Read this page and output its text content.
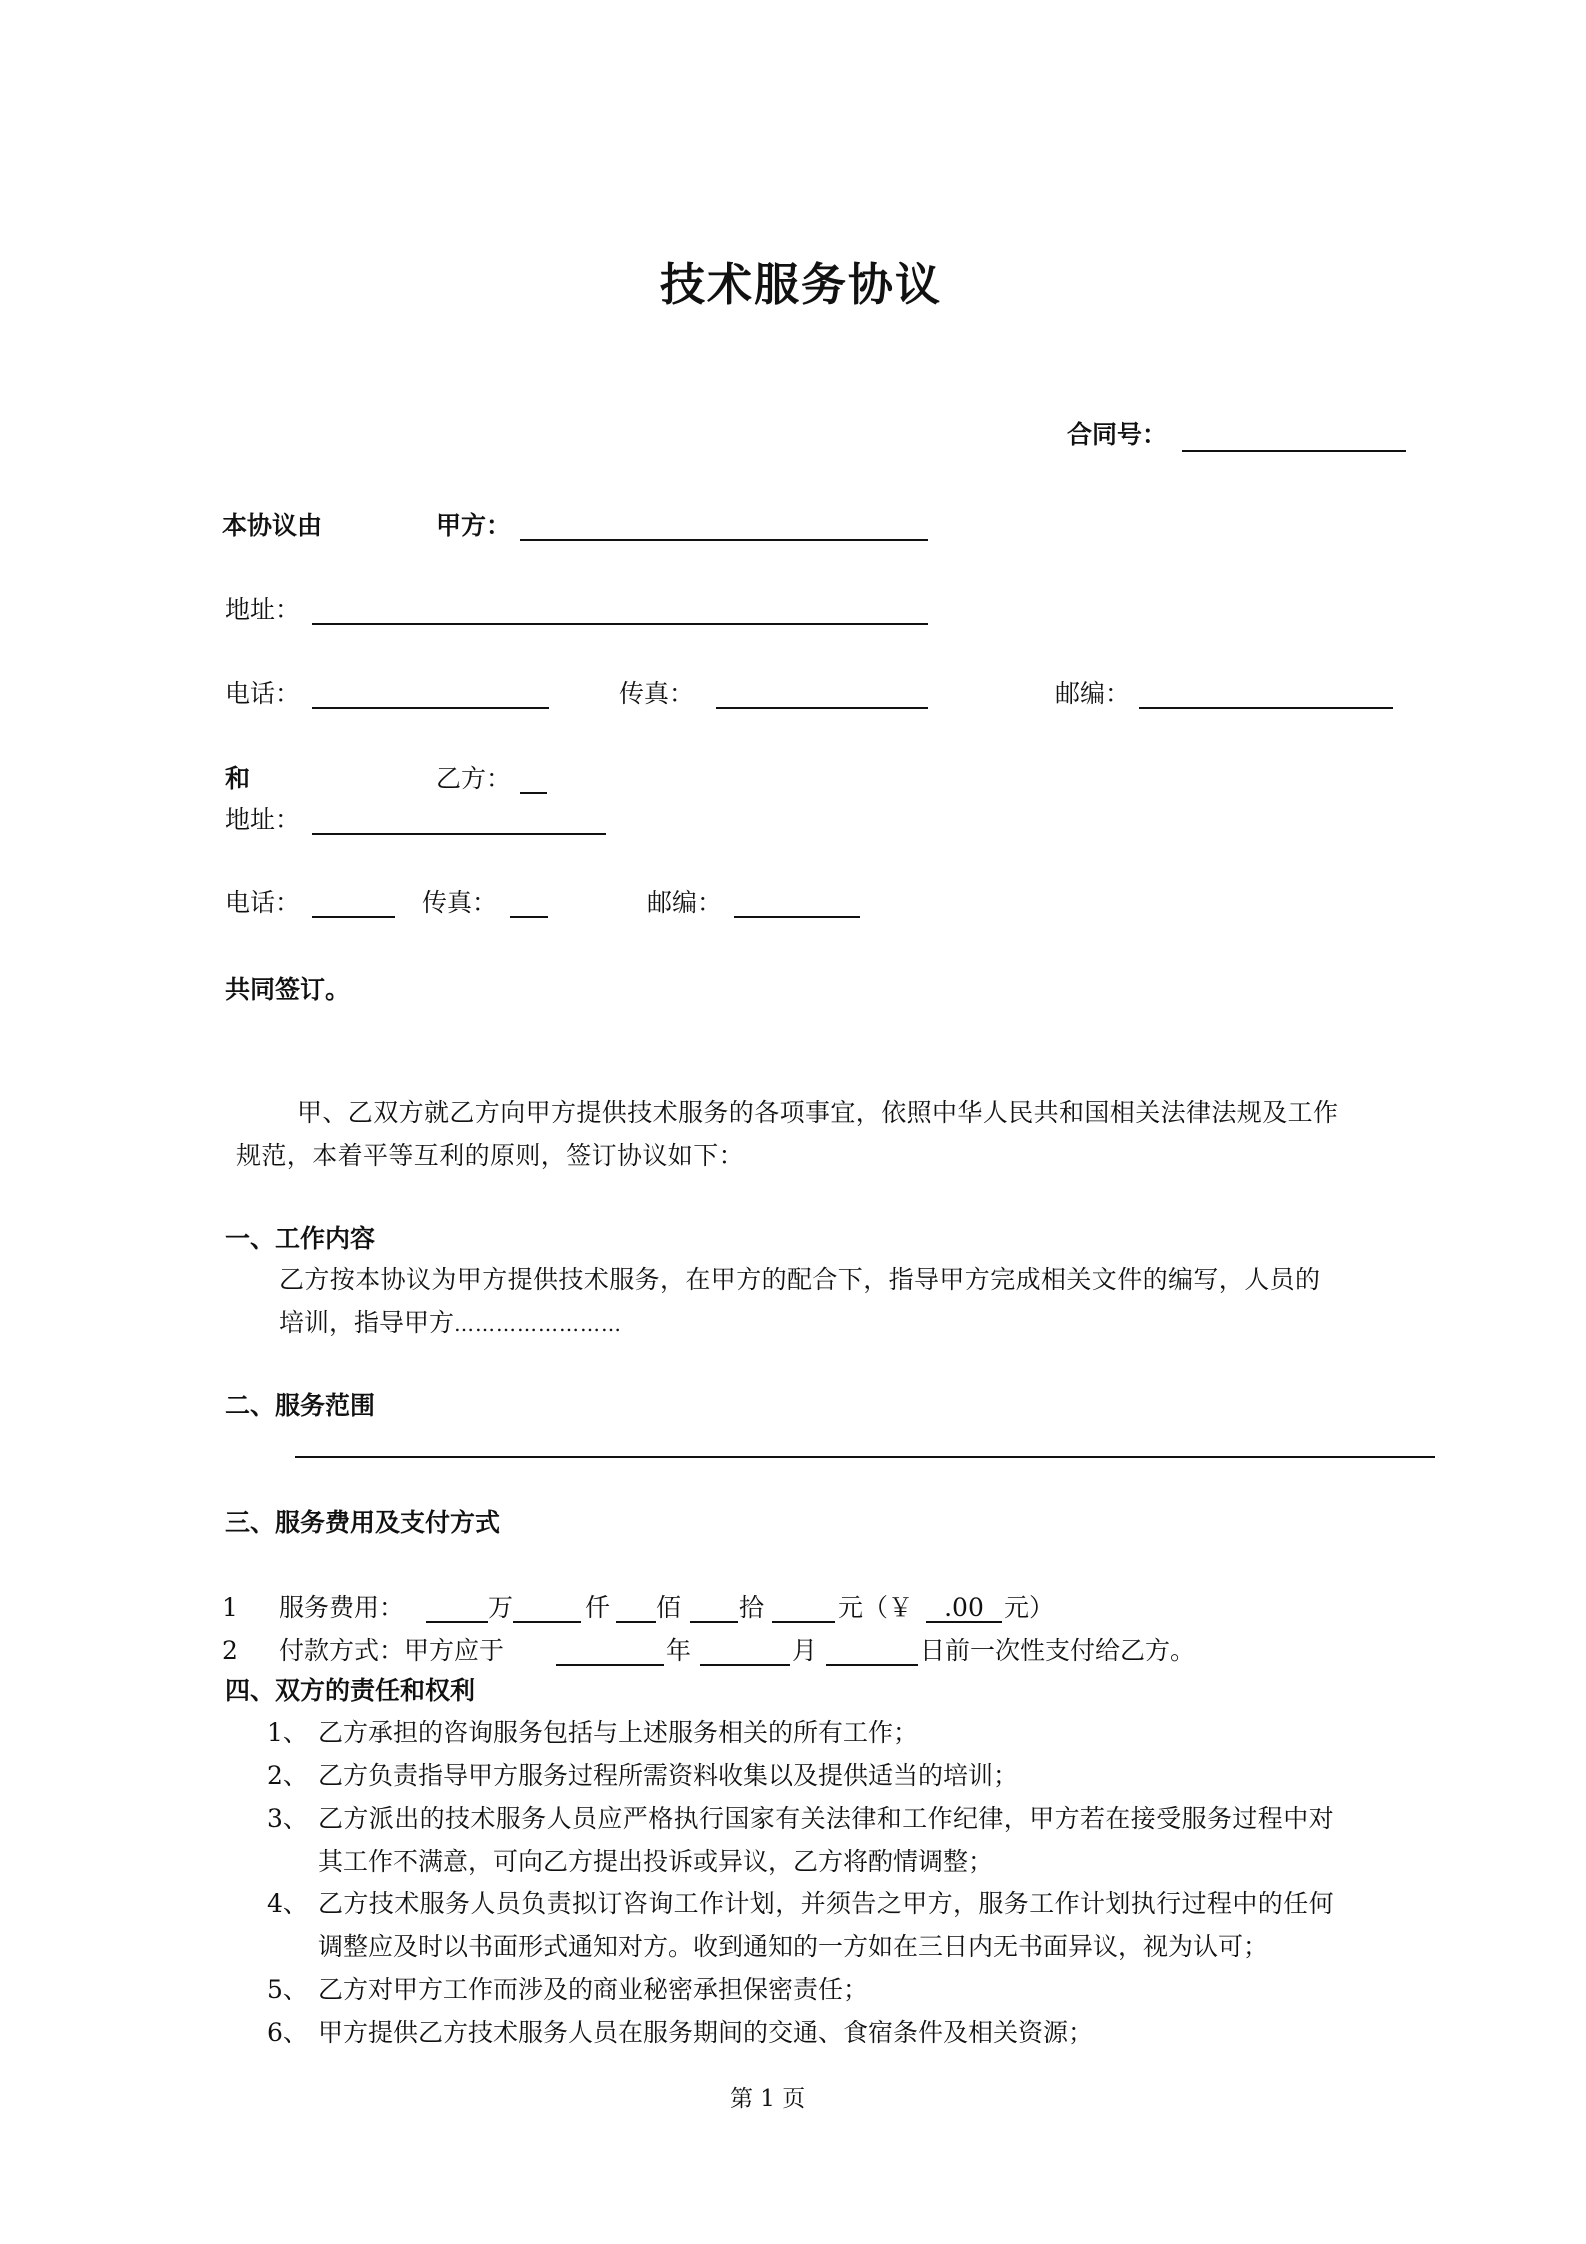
技术服务协议
合同号：
本协议由	甲方：
地址：
电话：	传真：	邮编：
和	乙方：
地址：
电话：	传真：	邮编：
共同签订。
甲、乙双方就乙方向甲方提供技术服务的各项事宜，依照中华人民共和国相关法律法规及工作
规范，本着平等互利的原则，签订协议如下：
一、工作内容
乙方按本协议为甲方提供技术服务，在甲方的配合下，指导甲方完成相关文件的编写，人员的
培训，指导甲方……………………
二、服务范围
三、服务费用及支付方式
1 服务费用：	万	仟 佰 拾	元（￥	.00 元）
2 付款方式：甲方应于	年	月	日前一次性支付给乙方。
四、双方的责任和权利
1、 乙方承担的咨询服务包括与上述服务相关的所有工作；
2、 乙方负责指导甲方服务过程所需资料收集以及提供适当的培训；
3、 乙方派出的技术服务人员应严格执行国家有关法律和工作纪律，甲方若在接受服务过程中对
其工作不满意，可向乙方提出投诉或异议，乙方将酌情调整；
4、 乙方技术服务人员负责拟订咨询工作计划，并须告之甲方，服务工作计划执行过程中的任何
调整应及时以书面形式通知对方。收到通知的一方如在三日内无书面异议，视为认可；
5、 乙方对甲方工作而涉及的商业秘密承担保密责任；
6、 甲方提供乙方技术服务人员在服务期间的交通、食宿条件及相关资源；
第 1 页
